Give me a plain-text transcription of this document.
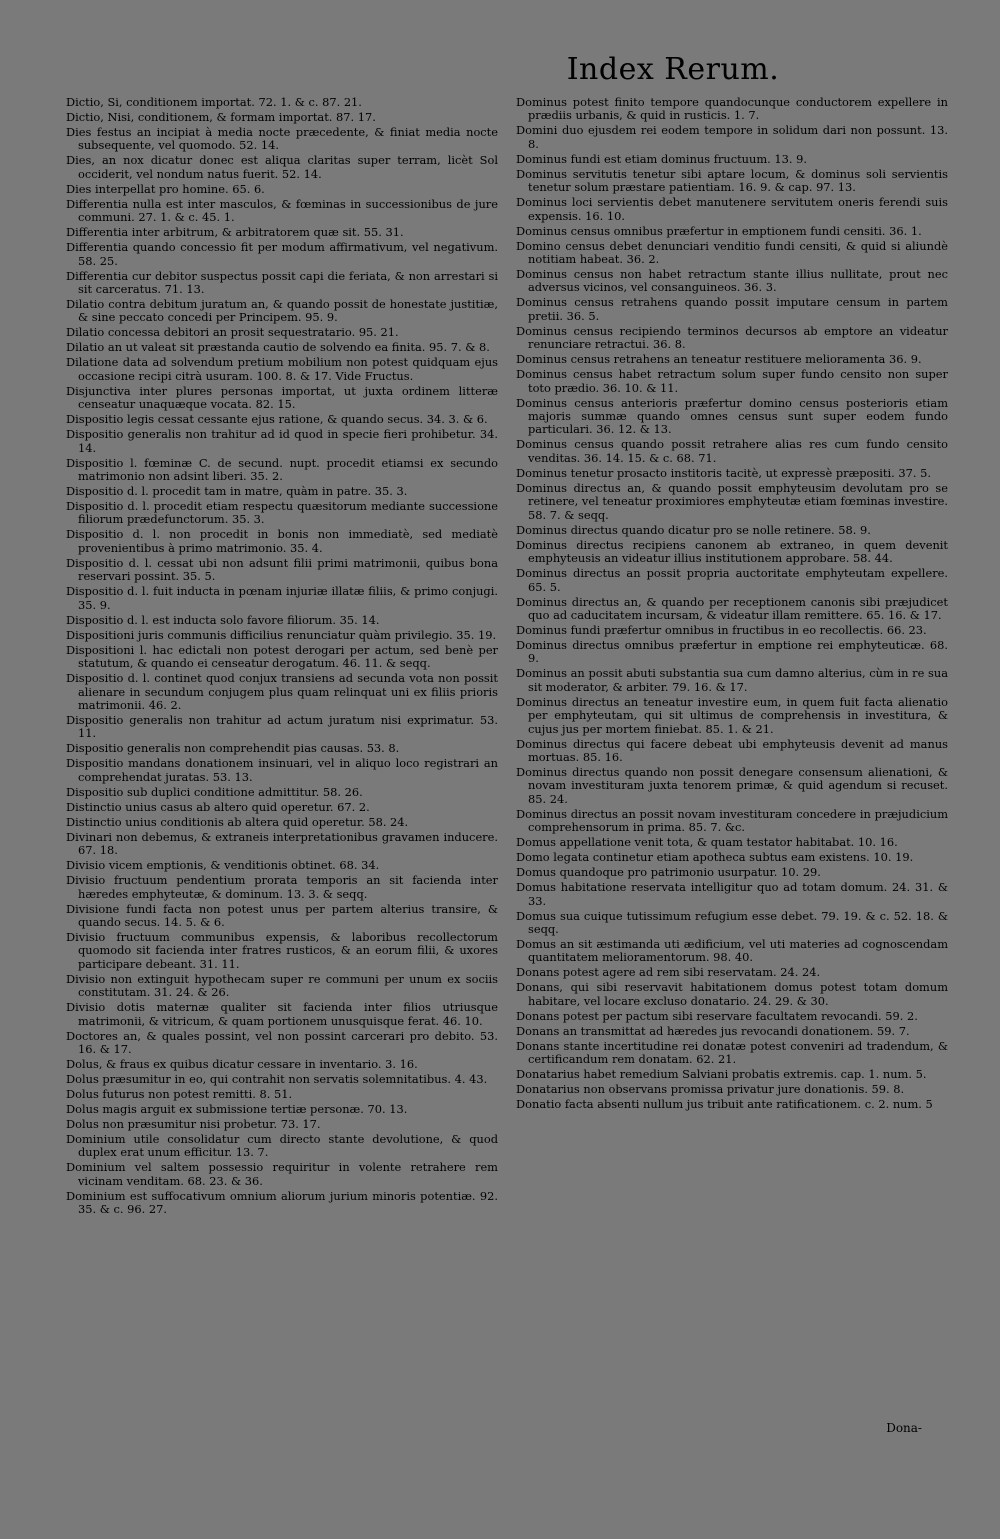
Index Rerum.
Dictio, Si, conditionem importat. 72. 1. & c. 87. 21.
Dictio, Nisi, conditionem, & formam importat. 87. 17.
Dies festus an incipiat à media nocte præcedente, & finiat media nocte subsequente, vel quomodo. 52. 14.
Dies, an nox dicatur donec est aliqua claritas super terram, licèt Sol occiderit, vel nondum natus fuerit. 52. 14.
Dies interpellat pro homine. 65. 6.
Differentia nulla est inter masculos, & fœminas in successionibus de jure communi. 27. 1. & c. 45. 1.
Differentia inter arbitrum, & arbitratorem quæ sit. 55. 31.
Differentia quando concessio fit per modum affirmativum, vel negativum. 58. 25.
Differentia cur debitor suspectus possit capi die feriata, & non arrestari si sit carceratus. 71. 13.
Dilatio contra debitum juratum an, & quando possit de honestate justitiæ, & sine peccato concedi per Principem. 95. 9.
Dilatio concessa debitori an prosit sequestratario. 95. 21.
Dilatio an ut valeat sit præstanda cautio de solvendo ea finita. 95. 7. & 8.
Dilatione data ad solvendum pretium mobilium non potest quidquam ejus occasione recipi citrà usuram. 100. 8. & 17. Vide Fructus.
Disjunctiva inter plures personas importat, ut juxta ordinem litteræ censeatur unaquæque vocata. 82. 15.
Dispositio legis cessat cessante ejus ratione, & quando secus. 34. 3. & 6.
Dispositio generalis non trahitur ad id quod in specie fieri prohibetur. 34. 14.
Dispositio l. fœminæ C. de secund. nupt. procedit etiamsi ex secundo matrimonio non adsint liberi. 35. 2.
Dispositio d. l. procedit tam in matre, quàm in patre. 35. 3.
Dispositio d. l. procedit etiam respectu quæsitorum mediante successione filiorum prædefunctorum. 35. 3.
Dispositio d. l. non procedit in bonis non immediatè, sed mediatè provenientibus à primo matrimonio. 35. 4.
Dispositio d. l. cessat ubi non adsunt filii primi matrimonii, quibus bona reservari possint. 35. 5.
Dispositio d. l. fuit inducta in pœnam injuriæ illatæ filiis, & primo conjugi. 35. 9.
Dispositio d. l. est inducta solo favore filiorum. 35. 14.
Dispositioni juris communis difficilius renunciatur quàm privilegio. 35. 19.
Dispositioni l. hac edictali non potest derogari per actum, sed benè per statutum, & quando ei censeatur derogatum. 46. 11. & seqq.
Dispositio d. l. continet quod conjux transiens ad secunda vota non possit alienare in secundum conjugem plus quam relinquat uni ex filiis prioris matrimonii. 46. 2.
Dispositio generalis non trahitur ad actum juratum nisi exprimatur. 53. 11.
Dispositio generalis non comprehendit pias causas. 53. 8.
Dispositio mandans donationem insinuari, vel in aliquo loco registrari an comprehendat juratas. 53. 13.
Dispositio sub duplici conditione admittitur. 58. 26.
Distinctio unius casus ab altero quid operetur. 67. 2.
Distinctio unius conditionis ab altera quid operetur. 58. 24.
Divinari non debemus, & extraneis interpretationibus gravamen inducere. 67. 18.
Divisio vicem emptionis, & venditionis obtinet. 68. 34.
Divisio fructuum pendentium prorata temporis an sit facienda inter hæredes emphyteutæ, & dominum. 13. 3. & seqq.
Divisione fundi facta non potest unus per partem alterius transire, & quando secus. 14. 5. & 6.
Divisio fructuum communibus expensis, & laboribus recollectorum quomodo sit facienda inter fratres rusticos, & an eorum filii, & uxores participare debeant. 31. 11.
Divisio non extinguit hypothecam super re communi per unum ex sociis constitutam. 31. 24. & 26.
Divisio dotis maternæ qualiter sit facienda inter filios utriusque matrimonii, & vitricum, & quam portionem unusquisque ferat. 46. 10.
Doctores an, & quales possint, vel non possint carcerari pro debito. 53. 16. & 17.
Dolus, & fraus ex quibus dicatur cessare in inventario. 3. 16.
Dolus præsumitur in eo, qui contrahit non servatis solemnitatibus. 4. 43.
Dolus futurus non potest remitti. 8. 51.
Dolus magis arguit ex submissione tertiæ personæ. 70. 13.
Dolus non præsumitur nisi probetur. 73. 17.
Dominium utile consolidatur cum directo stante devolutione, & quod duplex erat unum efficitur. 13. 7.
Dominium vel saltem possessio requiritur in volente retrahere rem vicinam venditam. 68. 23. & 36.
Dominium est suffocativum omnium aliorum jurium minoris potentiæ. 92. 35. & c. 96. 27.
Dominus potest finito tempore quandocunque conductorem expellere in prædiis urbanis, & quid in rusticis. 1. 7.
Domini duo ejusdem rei eodem tempore in solidum dari non possunt. 13. 8.
Dominus fundi est etiam dominus fructuum. 13. 9.
Dominus servitutis tenetur sibi aptare locum, & dominus soli servientis tenetur solum præstare patientiam. 16. 9. & cap. 97. 13.
Dominus loci servientis debet manutenere servitutem oneris ferendi suis expensis. 16. 10.
Dominus census omnibus præfertur in emptionem fundi censiti. 36. 1.
Domino census debet denunciari venditio fundi censiti, & quid si aliundè notitiam habeat. 36. 2.
Dominus census non habet retractum stante illius nullitate, prout nec adversus vicinos, vel consanguineos. 36. 3.
Dominus census retrahens quando possit imputare censum in partem pretii. 36. 5.
Dominus census recipiendo terminos decursos ab emptore an videatur renunciare retractui. 36. 8.
Dominus census retrahens an teneatur restituere melioramenta 36. 9.
Dominus census habet retractum solum super fundo censito non super toto prædio. 36. 10. & 11.
Dominus census anterioris præfertur domino census posterioris etiam majoris summæ quando omnes census sunt super eodem fundo particulari. 36. 12. & 13.
Dominus census quando possit retrahere alias res cum fundo censito venditas. 36. 14. 15. & c. 68. 71.
Dominus tenetur prosacto institoris tacitè, ut expressè præpositi. 37. 5.
Dominus directus an, & quando possit emphyteusim devolutam pro se retinere, vel teneatur proximiores emphyteutæ etiam fœminas investire. 58. 7. & seqq.
Dominus directus quando dicatur pro se nolle retinere. 58. 9.
Dominus directus recipiens canonem ab extraneo, in quem devenit emphyteusis an videatur illius institutionem approbare. 58. 44.
Dominus directus an possit propria auctoritate emphyteutam expellere. 65. 5.
Dominus directus an, & quando per receptionem canonis sibi præjudicet quo ad caducitatem incursam, & videatur illam remittere. 65. 16. & 17.
Dominus fundi præfertur omnibus in fructibus in eo recollectis. 66. 23.
Dominus directus omnibus præfertur in emptione rei emphyteuticæ. 68. 9.
Dominus an possit abuti substantia sua cum damno alterius, cùm in re sua sit moderator, & arbiter. 79. 16. & 17.
Dominus directus an teneatur investire eum, in quem fuit facta alienatio per emphyteutam, qui sit ultimus de comprehensis in investitura, & cujus jus per mortem finiebat. 85. 1. & 21.
Dominus directus qui facere debeat ubi emphyteusis devenit ad manus mortuas. 85. 16.
Dominus directus quando non possit denegare consensum alienationi, & novam investituram juxta tenorem primæ, & quid agendum si recuset. 85. 24.
Dominus directus an possit novam investituram concedere in præjudicium comprehensorum in prima. 85. 7. &c.
Domus appellatione venit tota, & quam testator habitabat. 10. 16.
Domo legata continetur etiam apotheca subtus eam existens. 10. 19.
Domus quandoque pro patrimonio usurpatur. 10. 29.
Domus habitatione reservata intelligitur quo ad totam domum. 24. 31. & 33.
Domus sua cuique tutissimum refugium esse debet. 79. 19. & c. 52. 18. & seqq.
Domus an sit æstimanda uti ædificium, vel uti materies ad cognoscendam quantitatem melioramentorum. 98. 40.
Donans potest agere ad rem sibi reservatam. 24. 24.
Donans, qui sibi reservavit habitationem domus potest totam domum habitare, vel locare excluso donatario. 24. 29. & 30.
Donans potest per pactum sibi reservare facultatem revocandi. 59. 2.
Donans an transmittat ad hæredes jus revocandi donationem. 59. 7.
Donans stante incertitudine rei donatæ potest conveniri ad tradendum, & certificandum rem donatam. 62. 21.
Donatarius habet remedium Salviani probatis extremis. cap. 1. num. 5.
Donatarius non observans promissa privatur jure donationis. 59. 8.
Donatio facta absenti nullum jus tribuit ante ratificationem. c. 2. num. 5
Dona-
